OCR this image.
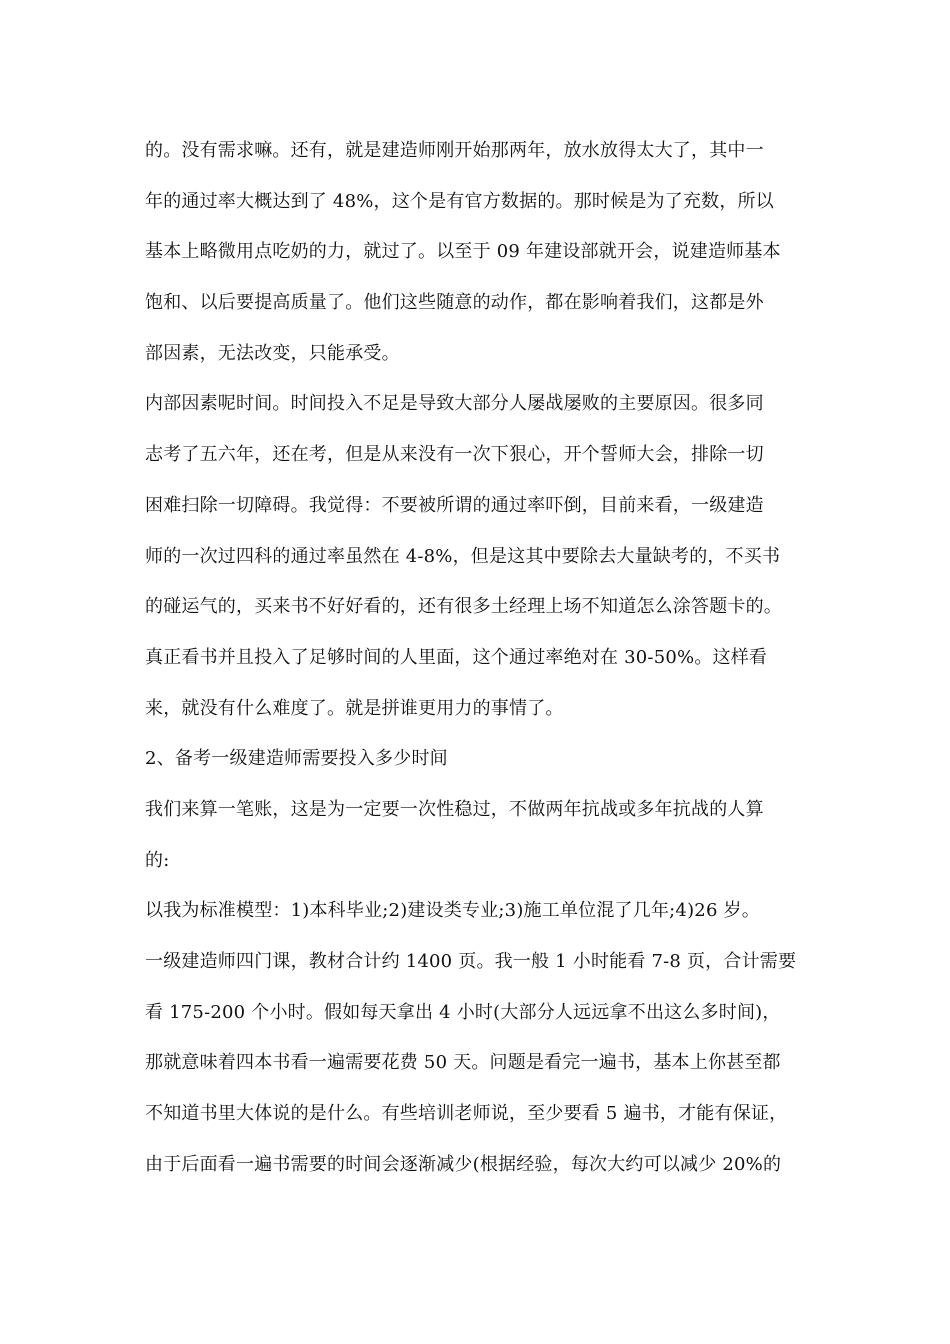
的。没有需求嘛。还有，就是建造师刚开始那两年，放水放得太大了，其中一
年的通过率大概达到了 48%，这个是有官方数据的。那时候是为了充数，所以
基本上略微用点吃奶的力，就过了。以至于 09 年建设部就开会，说建造师基本
饱和、以后要提高质量了。他们这些随意的动作，都在影响着我们，这都是外
部因素，无法改变，只能承受。
内部因素呢时间。时间投入不足是导致大部分人屡战屡败的主要原因。很多同
志考了五六年，还在考，但是从来没有一次下狠心，开个誓师大会，排除一切
困难扫除一切障碍。我觉得：不要被所谓的通过率吓倒，目前来看，一级建造
师的一次过四科的通过率虽然在 4-8%，但是这其中要除去大量缺考的，不买书
的碰运气的，买来书不好好看的，还有很多土经理上场不知道怎么涂答题卡的。
真正看书并且投入了足够时间的人里面，这个通过率绝对在 30-50%。这样看
来，就没有什么难度了。就是拼谁更用力的事情了。
2、备考一级建造师需要投入多少时间
我们来算一笔账，这是为一定要一次性稳过，不做两年抗战或多年抗战的人算
的:
以我为标准模型：1)本科毕业;2)建设类专业;3)施工单位混了几年;4)26 岁。
一级建造师四门课，教材合计约 1400 页。我一般 1 小时能看 7-8 页，合计需要
看 175-200 个小时。假如每天拿出 4 小时(大部分人远远拿不出这么多时间)，
那就意味着四本书看一遍需要花费 50 天。问题是看完一遍书，基本上你甚至都
不知道书里大体说的是什么。有些培训老师说，至少要看 5 遍书，才能有保证，
由于后面看一遍书需要的时间会逐渐减少(根据经验，每次大约可以减少 20%的
